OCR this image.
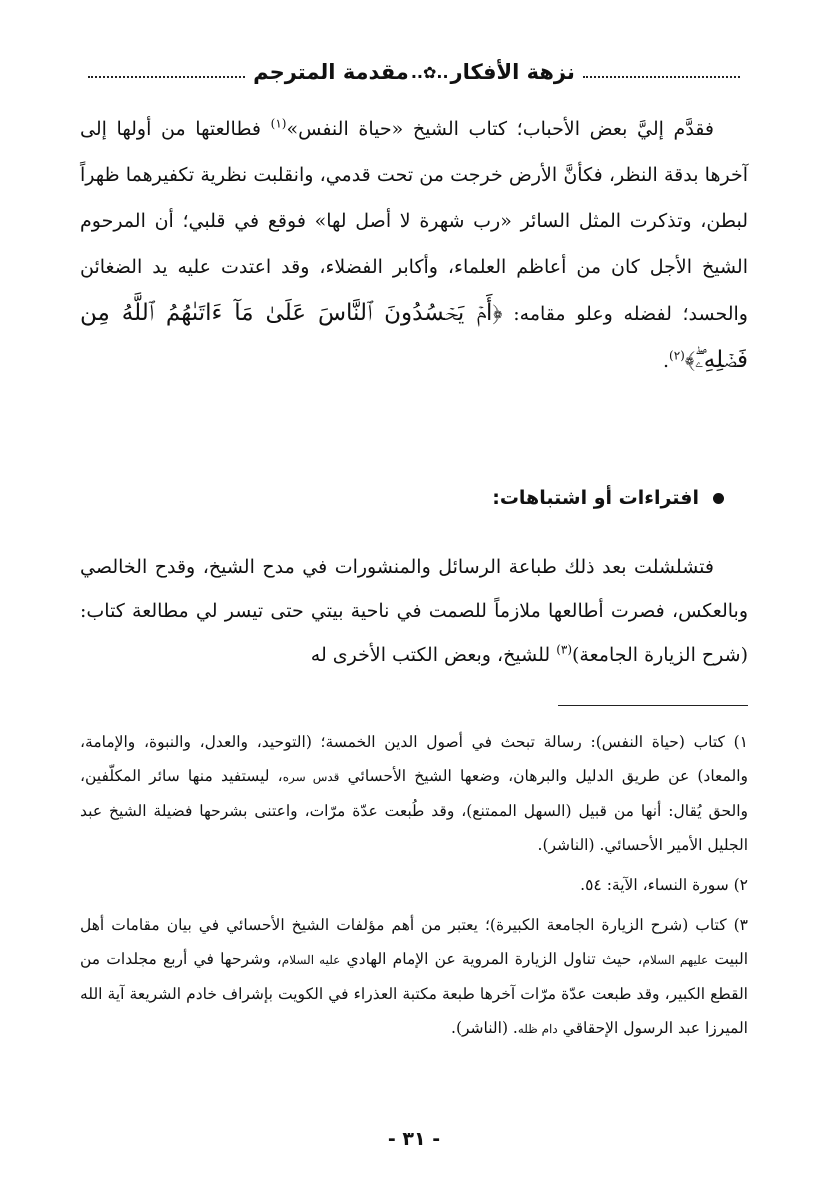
نزهة الأفكار
..✿..
مقدمة المترجم

فقدَّم إليَّ بعض الأحباب؛ كتاب الشيخ «حياة النفس»$^{(١)}$ فطالعتها من أولها إلى آخرها بدقة النظر، فكأنَّ الأرض خرجت من تحت قدمي، وانقلبت نظرية تكفيرهما ظهراً لبطن، وتذكرت المثل السائر «رب شهرة لا أصل لها» فوقع في قلبي؛ أن المرحوم الشيخ الأجل كان من أعاظم العلماء، وأكابر الفضلاء، وقد اعتدت عليه يد الضغائن والحسد؛ لفضله وعلو مقامه: ﴿أَمۡ يَحۡسُدُونَ ٱلنَّاسَ عَلَىٰ مَآ ءَاتَىٰهُمُ ٱللَّهُ مِن فَضۡلِهِۦۖ﴾$^{(٢)}$.

افتراءات أو اشتباهات:

فتشلشلت بعد ذلك طباعة الرسائل والمنشورات في مدح الشيخ، وقدح الخالصي وبالعكس، فصرت أطالعها ملازماً للصمت في ناحية بيتي حتى تيسر لي مطالعة كتاب: (شرح الزيارة الجامعة)$^{(٣)}$ للشيخ، وبعض الكتب الأخرى له

١) كتاب (حياة النفس): رسالة تبحث في أصول الدين الخمسة؛ (التوحيد، والعدل، والنبوة، والإمامة، والمعاد) عن طريق الدليل والبرهان، وضعها الشيخ الأحسائي قدس سره، ليستفيد منها سائر المكلّفين، والحق يُقال: أنها من قبيل (السهل الممتنع)، وقد طُبعت عدّة مرّات، واعتنى بشرحها فضيلة الشيخ عبد الجليل الأمير الأحسائي. (الناشر).

٢) سورة النساء، الآية: ٥٤.

٣) كتاب (شرح الزيارة الجامعة الكبيرة)؛ يعتبر من أهم مؤلفات الشيخ الأحسائي في بيان مقامات أهل البيت عليهم السلام، حيث تناول الزيارة المروية عن الإمام الهادي عليه السلام، وشرحها في أربع مجلدات من القطع الكبير، وقد طبعت عدّة مرّات آخرها طبعة مكتبة العذراء في الكويت بإشراف خادم الشريعة آية الله الميرزا عبد الرسول الإحقاقي دام ظله. (الناشر).

- ٣١ -
